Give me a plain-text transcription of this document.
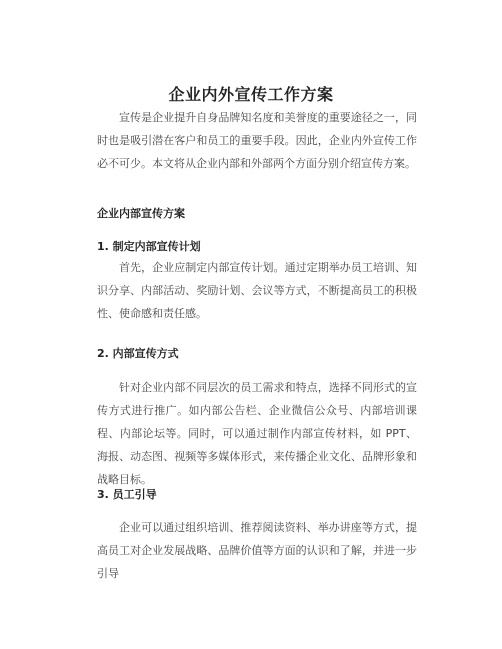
企业内外宣传工作方案

宣传是企业提升自身品牌知名度和美誉度的重要途径之一，同时也是吸引潜在客户和员工的重要手段。因此，企业内外宣传工作必不可少。本文将从企业内部和外部两个方面分别介绍宣传方案。

企业内部宣传方案
1. 制定内部宣传计划

首先，企业应制定内部宣传计划。通过定期举办员工培训、知识分享、内部活动、奖励计划、会议等方式，不断提高员工的积极性、使命感和责任感。

2. 内部宣传方式

针对企业内部不同层次的员工需求和特点，选择不同形式的宣传方式进行推广。如内部公告栏、企业微信公众号、内部培训课程、内部论坛等。同时，可以通过制作内部宣传材料，如 PPT、海报、动态图、视频等多媒体形式，来传播企业文化、品牌形象和战略目标。

3. 员工引导

企业可以通过组织培训、推荐阅读资料、举办讲座等方式，提高员工对企业发展战略、品牌价值等方面的认识和了解，并进一步引导
